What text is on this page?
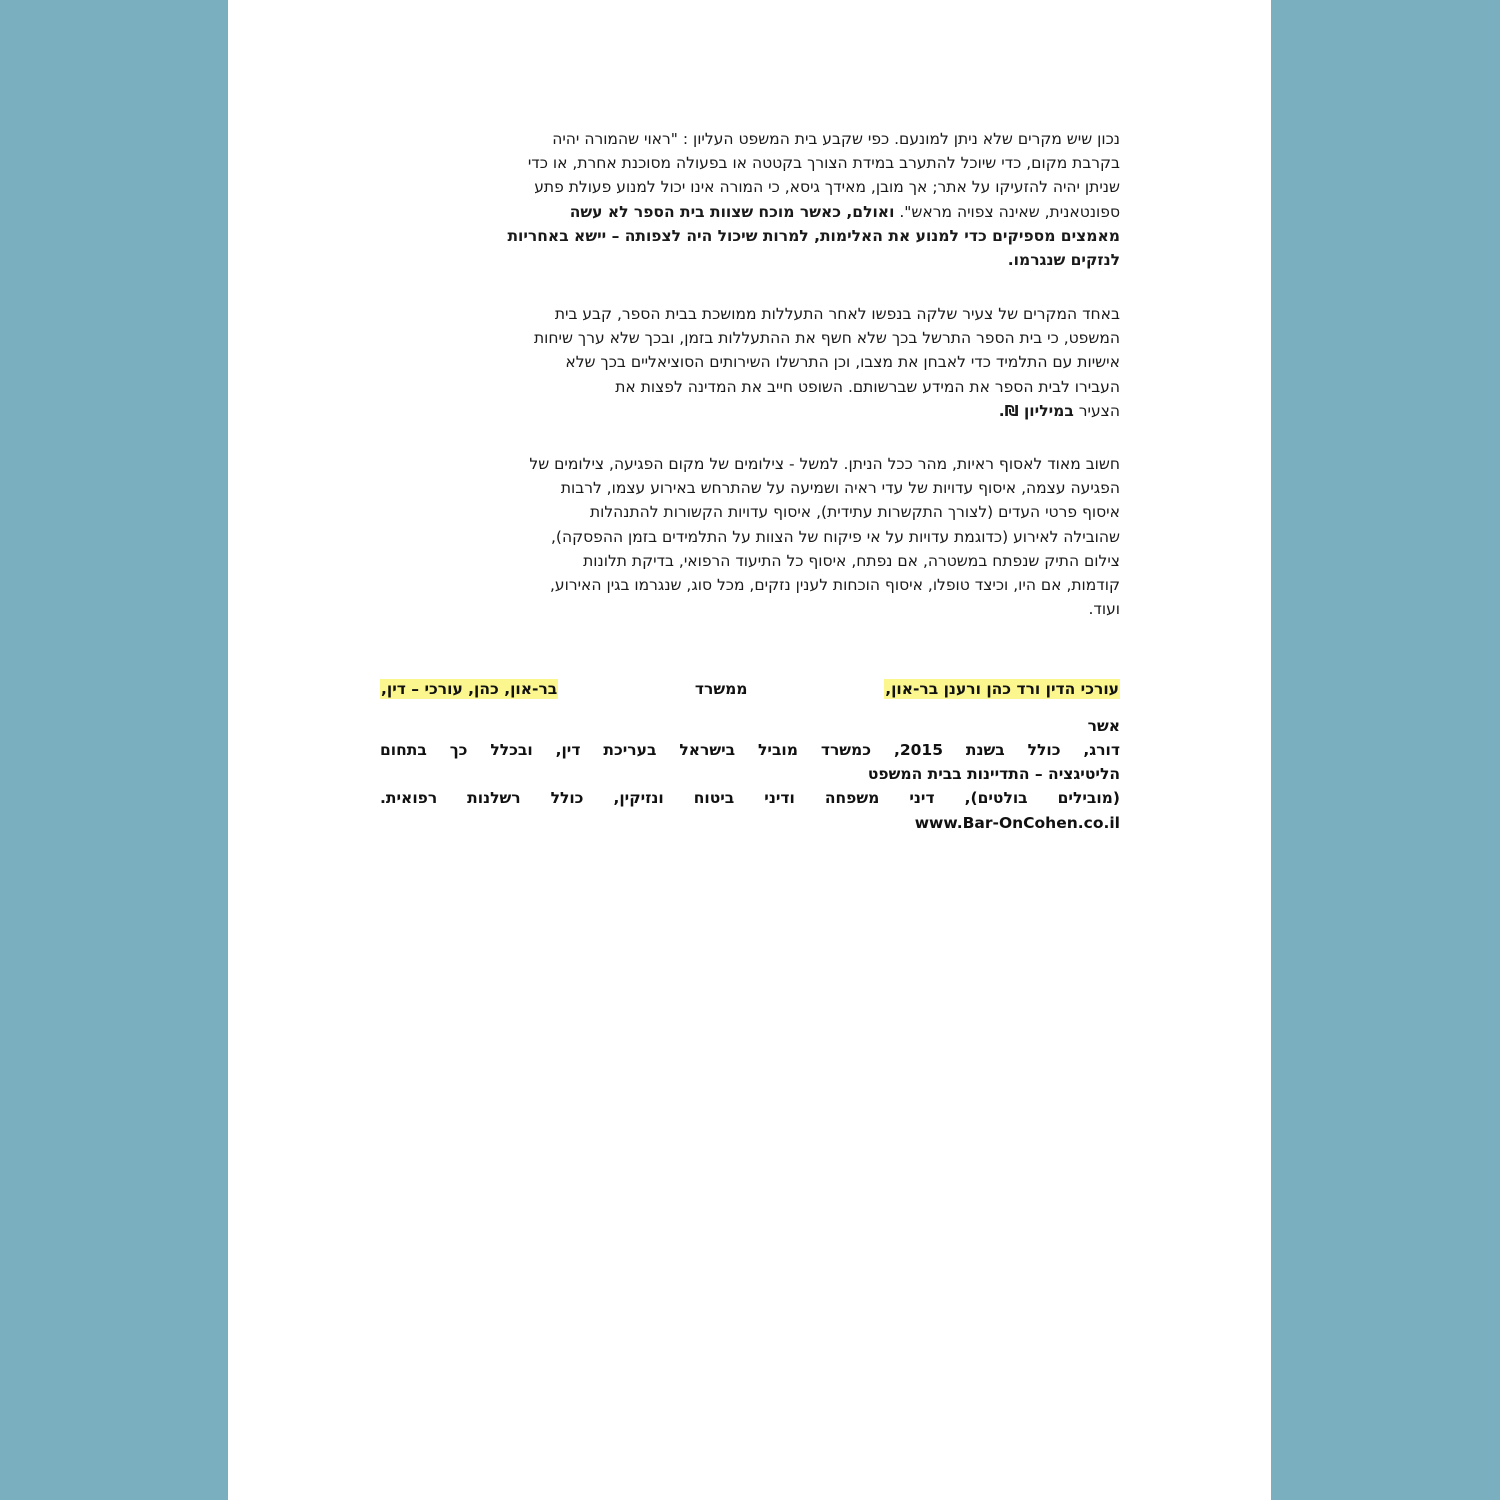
נכון שיש מקרים שלא ניתן למונעם. כפי שקבע בית המשפט העליון : "ראוי שהמורה יהיה
בקרבת מקום, כדי שיוכל להתערב במידת הצורך בקטטה או בפעולה מסוכנת אחרת, או כדי
שניתן יהיה להזעיקו על אתר; אך מובן, מאידך גיסא, כי המורה אינו יכול למנוע פעולת פתע
ספונטאנית, שאינה צפויה מראש". ואולם, כאשר מוכח שצוות בית הספר לא עשה
מאמצים מספיקים כדי למנוע את האלימות, למרות שיכול היה לצפותה – יישא באחריות
לנזקים שנגרמו.
באחד המקרים של צעיר שלקה בנפשו לאחר התעללות ממושכת בבית הספר, קבע בית
המשפט, כי בית הספר התרשל בכך שלא חשף את ההתעללות בזמן, ובכך שלא ערך שיחות
אישיות עם התלמיד כדי לאבחן את מצבו, וכן התרשלו השירותים הסוציאליים בכך שלא
העבירו לבית הספר את המידע שברשותם. השופט חייב את המדינה לפצות את
הצעיר במיליון ₪.
חשוב מאוד לאסוף ראיות, מהר ככל הניתן. למשל - צילומים של מקום הפגיעה, צילומים של
הפגיעה עצמה, איסוף עדויות של עדי ראיה ושמיעה על שהתרחש באירוע עצמו, לרבות
איסוף פרטי העדים (לצורך התקשרות עתידית), איסוף עדויות הקשורות להתנהלות
שהובילה לאירוע (כדוגמת עדויות על אי פיקוח של הצוות על התלמידים בזמן ההפסקה),
צילום התיק שנפתח במשטרה, אם נפתח, איסוף כל התיעוד הרפואי, בדיקת תלונות
קודמות, אם היו, וכיצד טופלו, איסוף הוכחות לענין נזקים, מכל סוג, שנגרמו בגין האירוע,
ועוד.
עורכי הדין ורד כהן ורענן בר-און,
ממשרד
בר-און, כהן, עורכי – דין,
אשר
דורג, כולל בשנת 2015, כמשרד מוביל בישראל בעריכת דין, ובכלל כך בתחום
הליטיגציה – התדיינות בבית המשפט
(מובילים בולטים), דיני משפחה ודיני ביטוח ונזיקין, כולל רשלנות רפואית.
www.Bar-OnCohen.co.il
